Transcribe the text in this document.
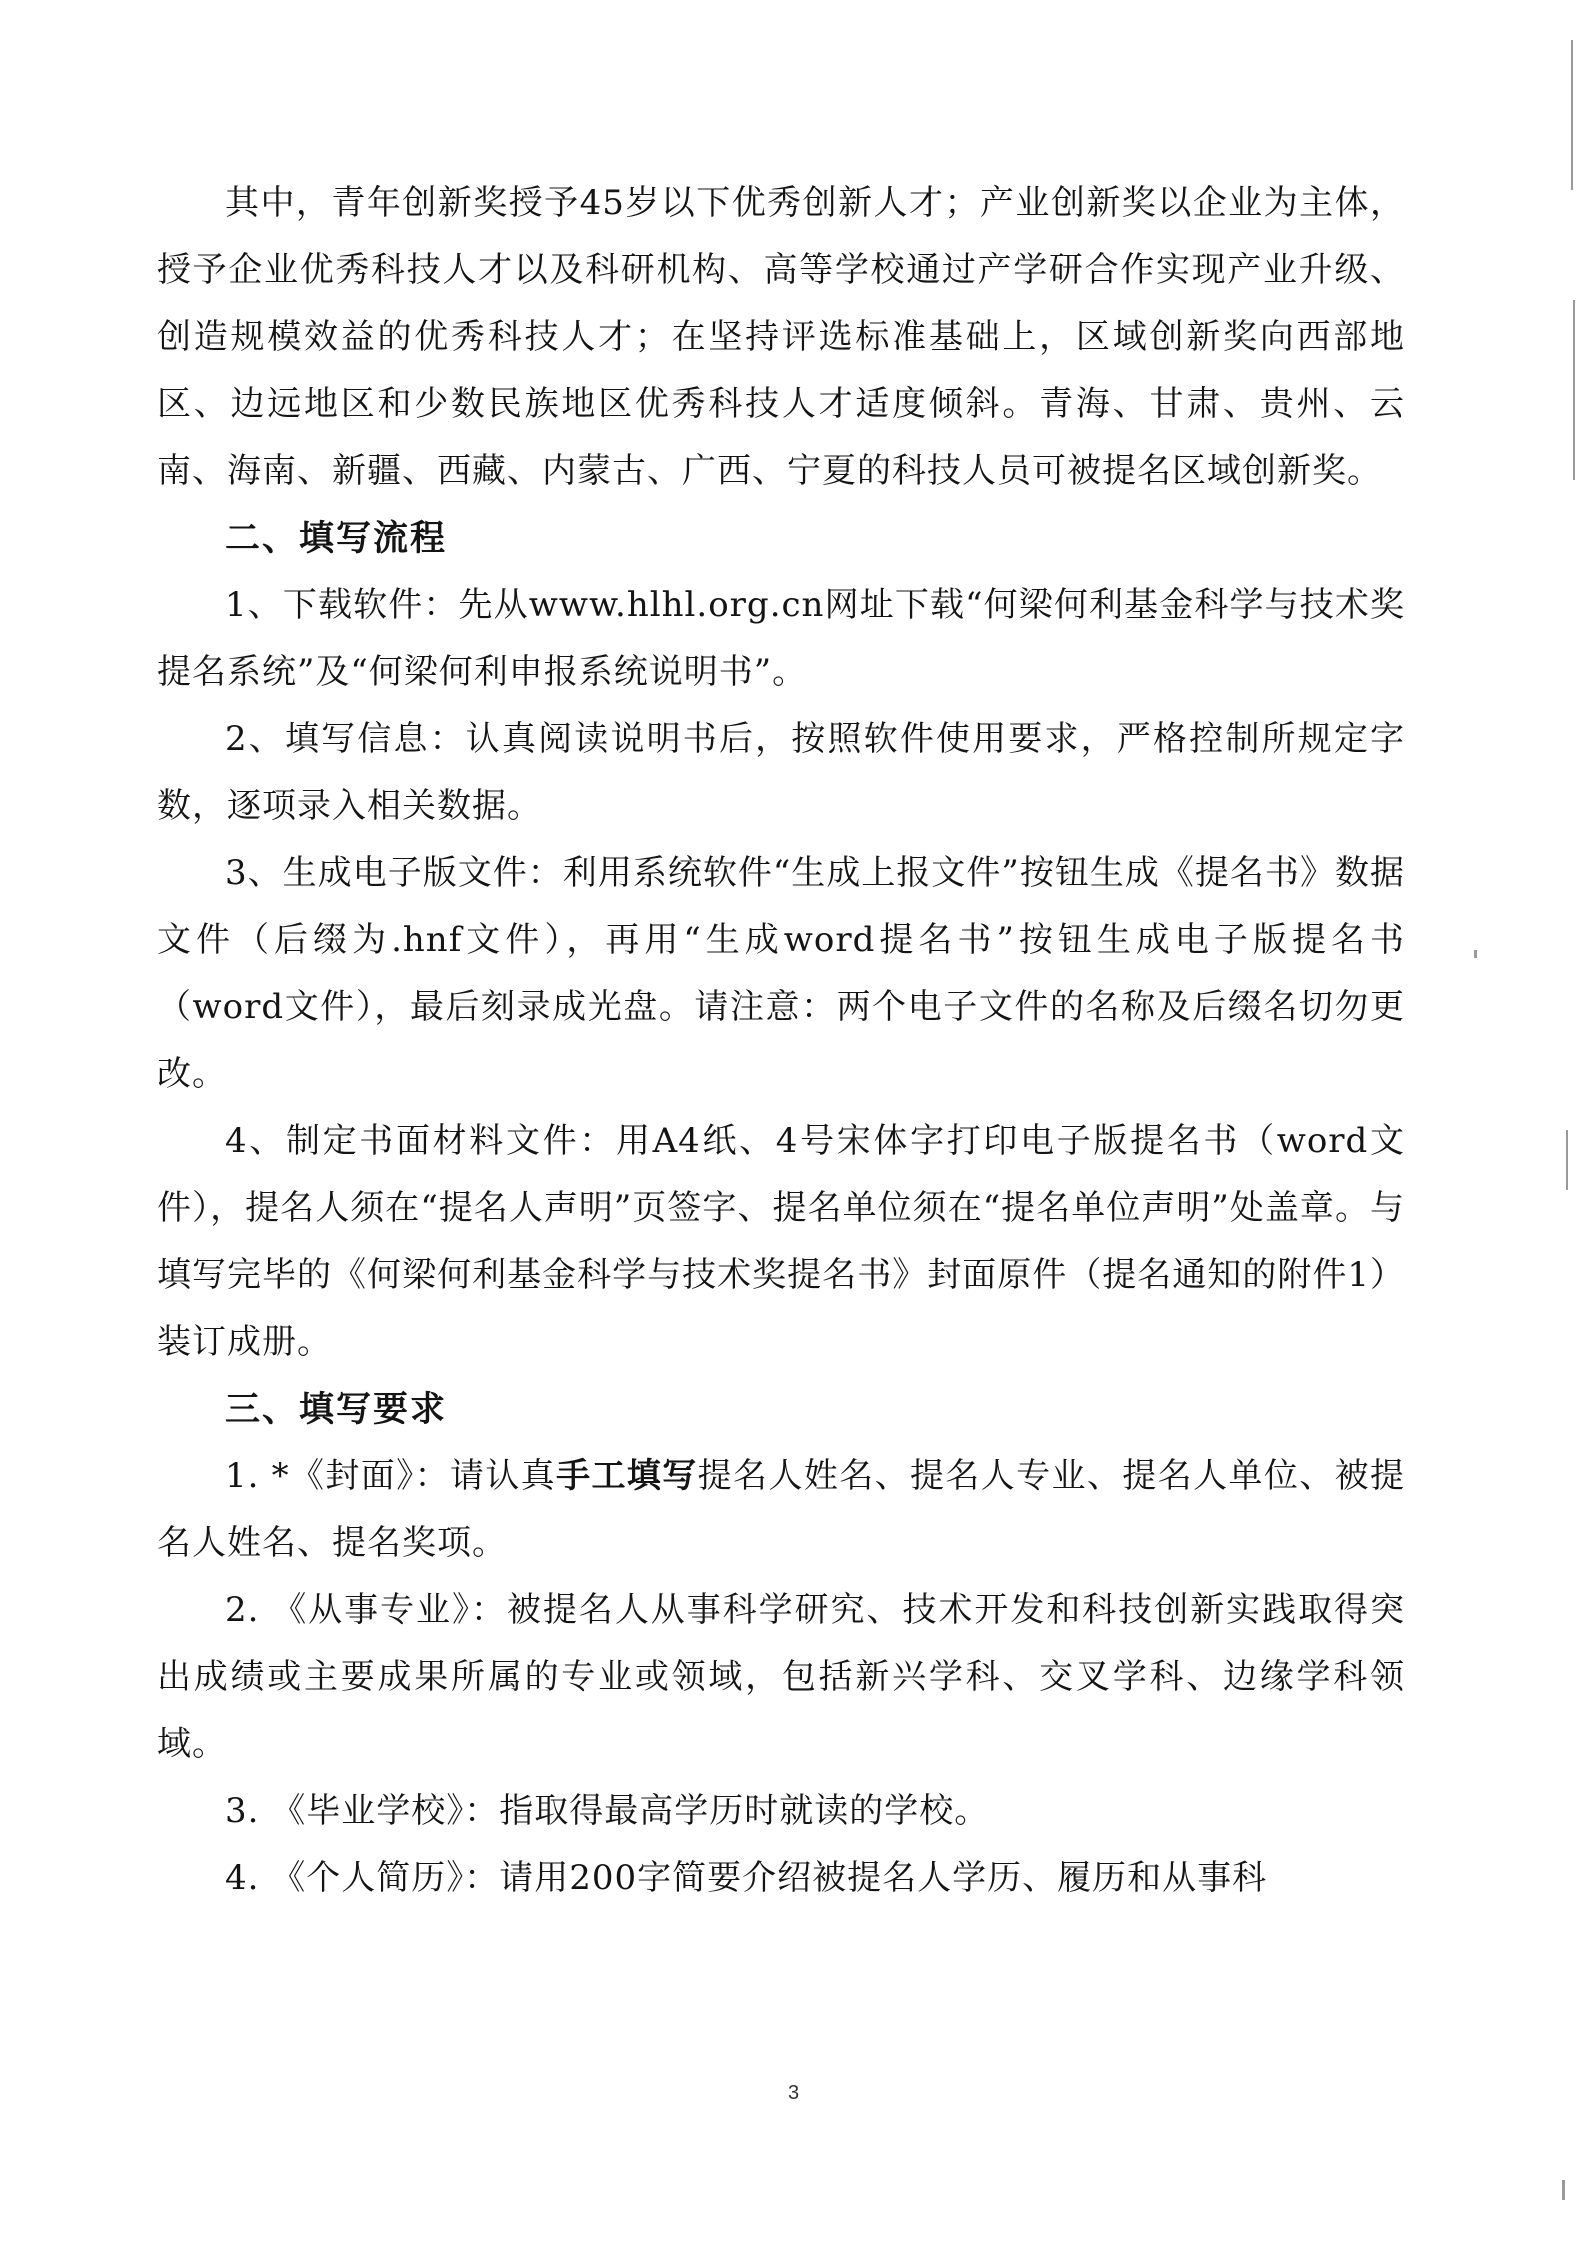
其中，青年创新奖授予45岁以下优秀创新人才；产业创新奖以企业为主体，授予企业优秀科技人才以及科研机构、高等学校通过产学研合作实现产业升级、创造规模效益的优秀科技人才；在坚持评选标准基础上，区域创新奖向西部地区、边远地区和少数民族地区优秀科技人才适度倾斜。青海、甘肃、贵州、云南、海南、新疆、西藏、内蒙古、广西、宁夏的科技人员可被提名区域创新奖。

二、填写流程

1、下载软件：先从www.hlhl.org.cn网址下载“何梁何利基金科学与技术奖提名系统”及“何梁何利申报系统说明书”。

2、填写信息：认真阅读说明书后，按照软件使用要求，严格控制所规定字数，逐项录入相关数据。

3、生成电子版文件：利用系统软件“生成上报文件”按钮生成《提名书》数据文件（后缀为.hnf文件），再用“生成word提名书”按钮生成电子版提名书（word文件），最后刻录成光盘。请注意：两个电子文件的名称及后缀名切勿更改。

4、制定书面材料文件：用A4纸、4号宋体字打印电子版提名书（word文件），提名人须在“提名人声明”页签字、提名单位须在“提名单位声明”处盖章。与填写完毕的《何梁何利基金科学与技术奖提名书》封面原件（提名通知的附件1）装订成册。

三、填写要求

1. *《封面》：请认真手工填写提名人姓名、提名人专业、提名人单位、被提名人姓名、提名奖项。

2. 《从事专业》：被提名人从事科学研究、技术开发和科技创新实践取得突出成绩或主要成果所属的专业或领域，包括新兴学科、交叉学科、边缘学科领域。

3. 《毕业学校》：指取得最高学历时就读的学校。

4. 《个人简历》：请用200字简要介绍被提名人学历、履历和从事科

3
